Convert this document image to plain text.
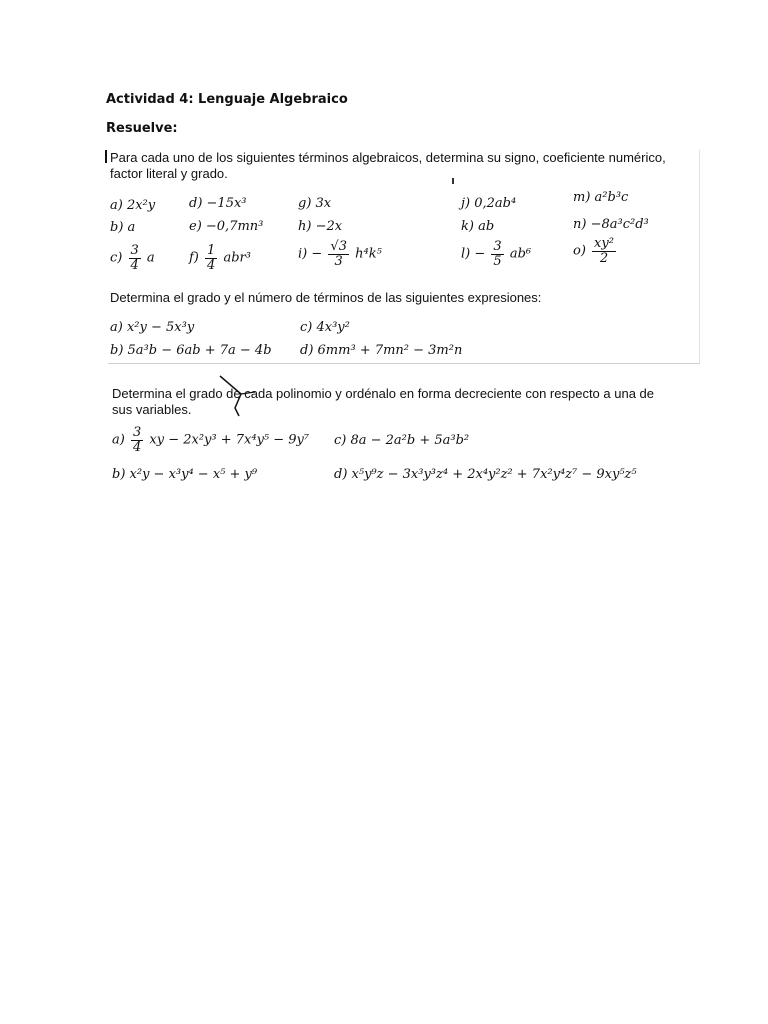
Actividad 4: Lenguaje Algebraico
Resuelve:
Para cada uno de los siguientes términos algebraicos, determina su signo, coeficiente numérico,
factor literal y grado.
a) 2x²y	d) −15x³	g) 3x	j) 0,2ab⁴	m) a²b³c
b) a	e) −0,7mn³	h) −2x	k) ab	n) −8a³c²d³
$c) \frac{3}{4}$ a	$f) \frac{1}{4} abr^3$	$i) - \frac{√3}{3} h^4k^5$	$l) - \frac{3}{5} ab^6$	$o) \frac{\text{xy²}}{2}$
Determina el grado y el número de términos de las siguientes expresiones:
a) x²y − 5x³y	c) 4x³y²
b) 5a³b − 6ab + 7a − 4b d) 6mm³ + 7mn² − 3m²n
Determina el grado de cada polinomio y ordénalo en forma decreciente con respecto a una de
sus variables.
$a) \frac{3}{4}$ xy − 2x²y³ + 7x⁴y⁵ − 9y⁷ c) 8a − 2a²b + 5a³b²
b) x²y − x³y⁴ − x⁵ + y⁹	d) x⁵y⁹z − 3x³y³z⁴ + 2x⁴y²z² + 7x²y⁴z⁷ − 9xy⁵z⁵
